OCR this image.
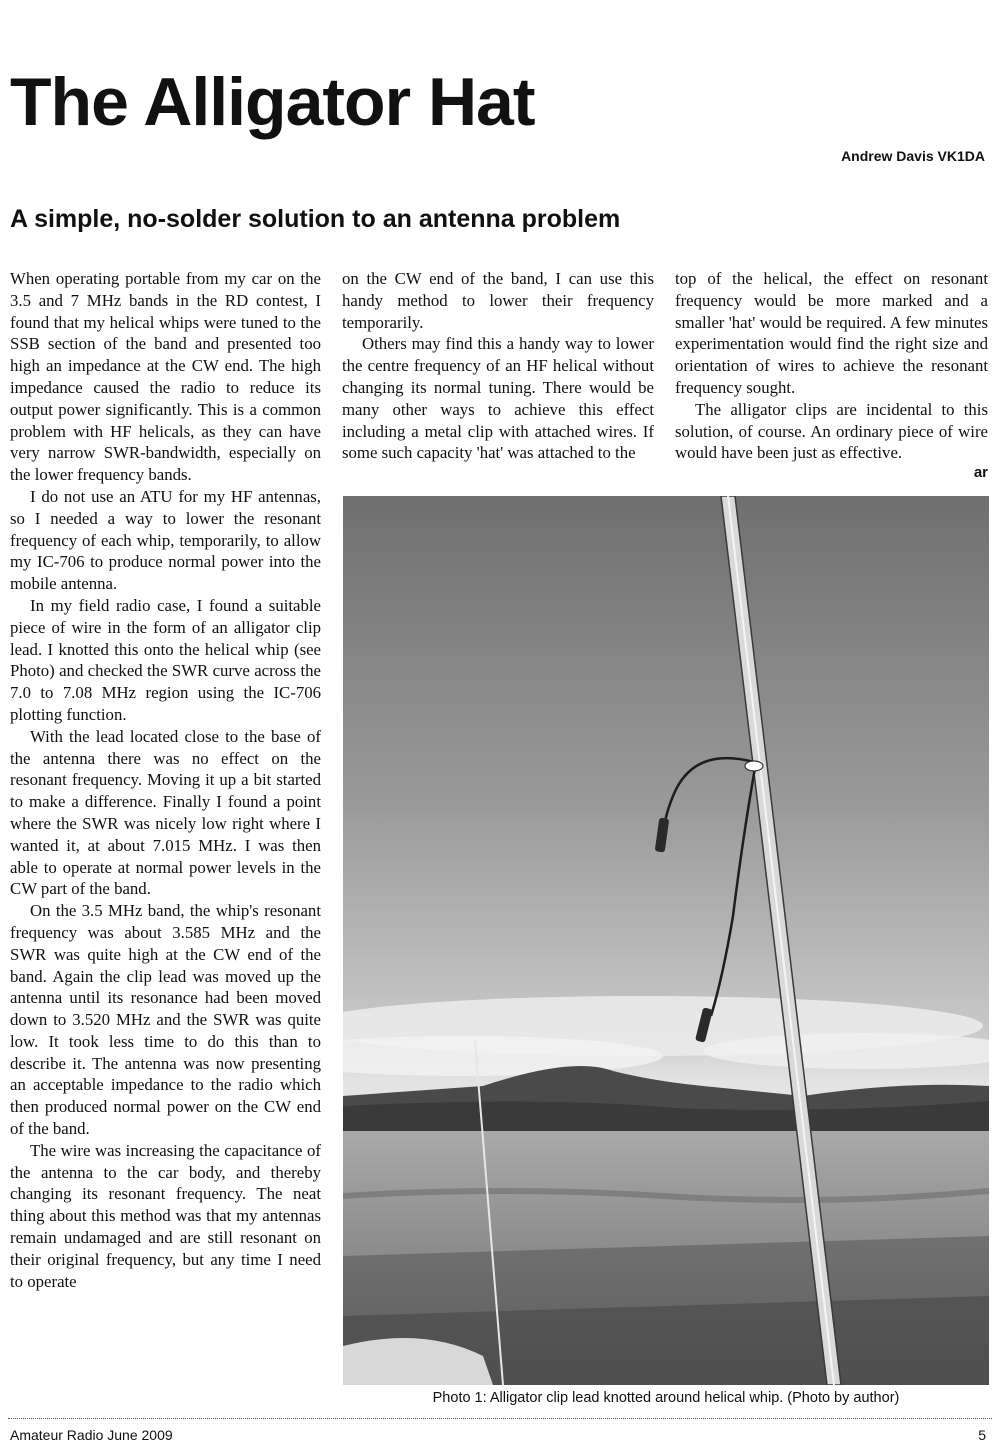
The Alligator Hat
Andrew Davis VK1DA
A simple, no-solder solution to an antenna problem

When operating portable from my car on the 3.5 and 7 MHz bands in the RD contest, I found that my helical whips were tuned to the SSB section of the band and presented too high an impedance at the CW end. The high impedance caused the radio to reduce its output power significantly. This is a common problem with HF helicals, as they can have very narrow SWR-bandwidth, especially on the lower frequency bands.

I do not use an ATU for my HF antennas, so I needed a way to lower the resonant frequency of each whip, temporarily, to allow my IC-706 to produce normal power into the mobile antenna.

In my field radio case, I found a suitable piece of wire in the form of an alligator clip lead. I knotted this onto the helical whip (see Photo) and checked the SWR curve across the 7.0 to 7.08 MHz region using the IC-706 plotting function.

With the lead located close to the base of the antenna there was no effect on the resonant frequency. Moving it up a bit started to make a difference. Finally I found a point where the SWR was nicely low right where I wanted it, at about 7.015 MHz. I was then able to operate at normal power levels in the CW part of the band.

On the 3.5 MHz band, the whip's resonant frequency was about 3.585 MHz and the SWR was quite high at the CW end of the band. Again the clip lead was moved up the antenna until its resonance had been moved down to 3.520 MHz and the SWR was quite low. It took less time to do this than to describe it. The antenna was now presenting an acceptable impedance to the radio which then produced normal power on the CW end of the band.

The wire was increasing the capacitance of the antenna to the car body, and thereby changing its resonant frequency. The neat thing about this method was that my antennas remain undamaged and are still resonant on their original frequency, but any time I need to operate

on the CW end of the band, I can use this handy method to lower their frequency temporarily.

Others may find this a handy way to lower the centre frequency of an HF helical without changing its normal tuning. There would be many other ways to achieve this effect including a metal clip with attached wires. If some such capacity 'hat' was attached to the

top of the helical, the effect on resonant frequency would be more marked and a smaller 'hat' would be required. A few minutes experimentation would find the right size and orientation of wires to achieve the resonant frequency sought.

The alligator clips are incidental to this solution, of course. An ordinary piece of wire would have been just as effective.

ar
Photo 1: Alligator clip lead knotted around helical whip. (Photo by author)
Amateur Radio June 2009	5
